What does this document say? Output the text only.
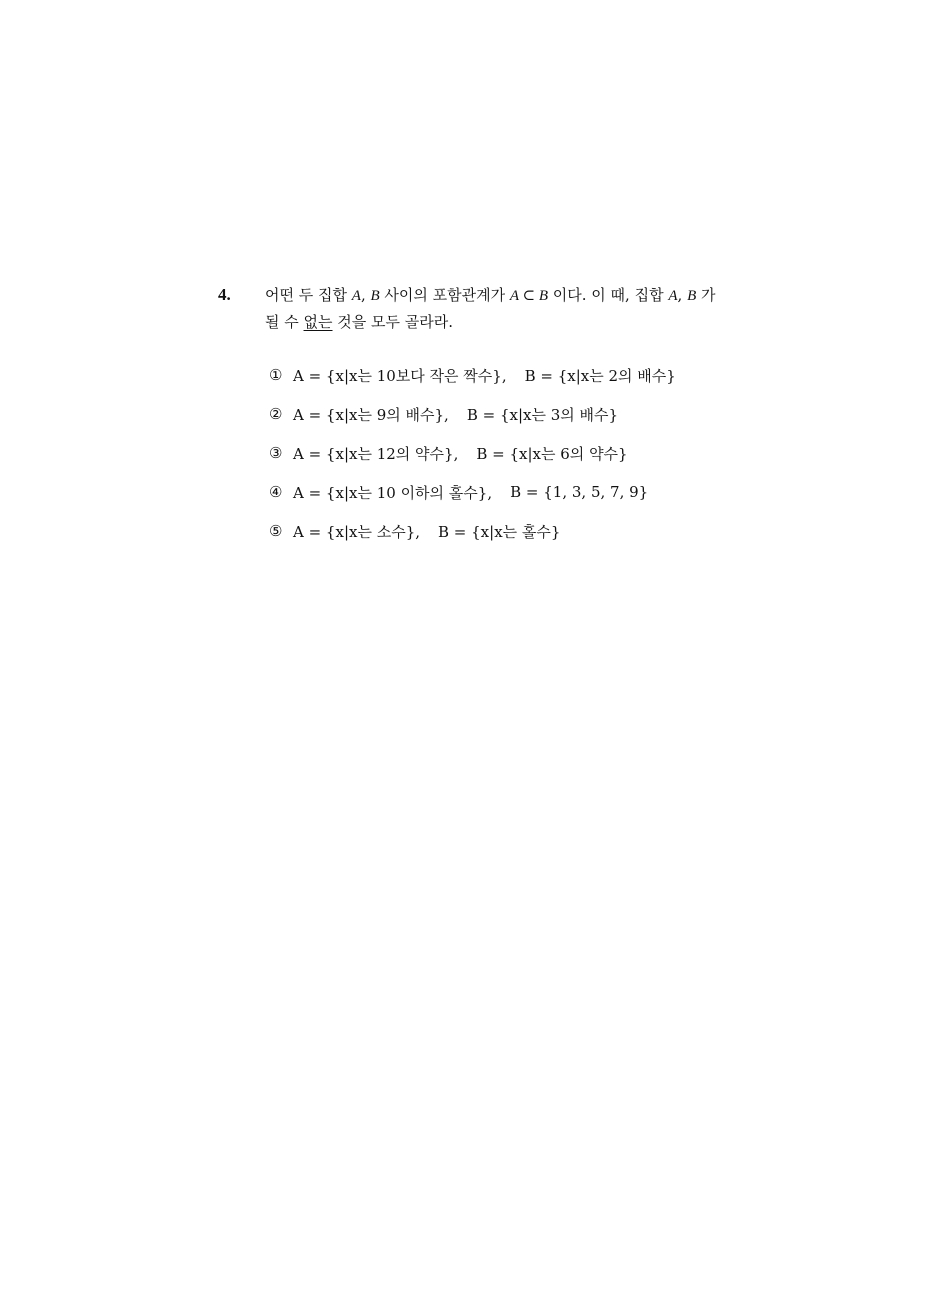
4. 어떤 두 집합 A, B 사이의 포함관계가 A ⊂ B 이다. 이 때, 집합 A, B 가
될 수 없는 것을 모두 골라라.
① A = {x|x는 10보다 작은 짝수}, B = {x|x는 2의 배수}
② A = {x|x는 9의 배수}, B = {x|x는 3의 배수}
③ A = {x|x는 12의 약수}, B = {x|x는 6의 약수}
④ A = {x|x는 10 이하의 홀수}, B = {1, 3, 5, 7, 9}
⑤ A = {x|x는 소수}, B = {x|x는 홀수}
